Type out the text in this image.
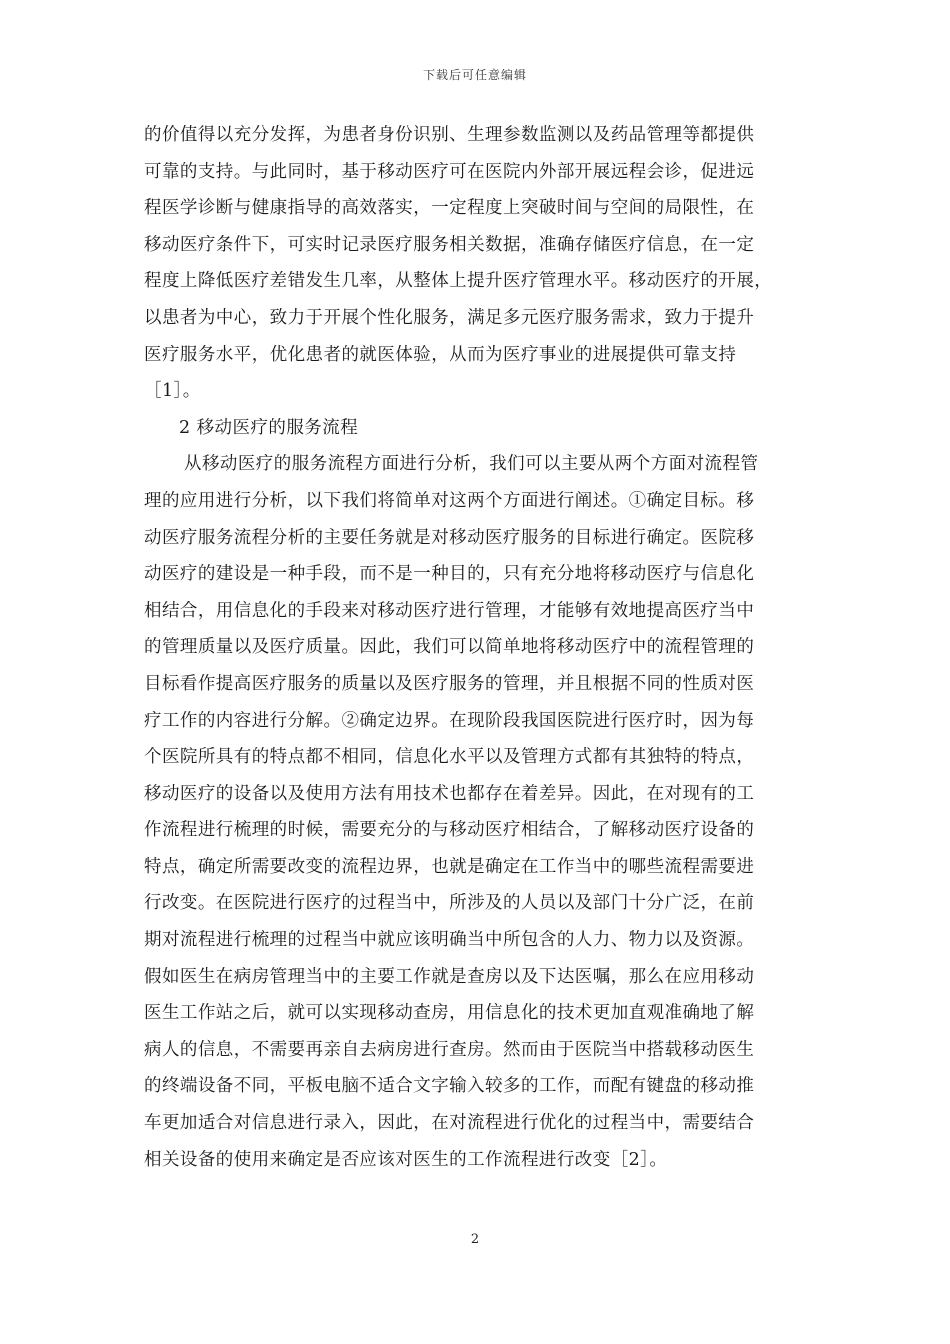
下载后可任意编辑
的价值得以充分发挥，为患者身份识别、生理参数监测以及药品管理等都提供
可靠的支持。与此同时，基于移动医疗可在医院内外部开展远程会诊，促进远
程医学诊断与健康指导的高效落实，一定程度上突破时间与空间的局限性，在
移动医疗条件下，可实时记录医疗服务相关数据，准确存储医疗信息，在一定
程度上降低医疗差错发生几率，从整体上提升医疗管理水平。移动医疗的开展，
以患者为中心，致力于开展个性化服务，满足多元医疗服务需求，致力于提升
医疗服务水平，优化患者的就医体验，从而为医疗事业的进展提供可靠支持
［1］。
2 移动医疗的服务流程
从移动医疗的服务流程方面进行分析，我们可以主要从两个方面对流程管
理的应用进行分析，以下我们将简单对这两个方面进行阐述。①确定目标。移
动医疗服务流程分析的主要任务就是对移动医疗服务的目标进行确定。医院移
动医疗的建设是一种手段，而不是一种目的，只有充分地将移动医疗与信息化
相结合，用信息化的手段来对移动医疗进行管理，才能够有效地提高医疗当中
的管理质量以及医疗质量。因此，我们可以简单地将移动医疗中的流程管理的
目标看作提高医疗服务的质量以及医疗服务的管理，并且根据不同的性质对医
疗工作的内容进行分解。②确定边界。在现阶段我国医院进行医疗时，因为每
个医院所具有的特点都不相同，信息化水平以及管理方式都有其独特的特点，
移动医疗的设备以及使用方法有用技术也都存在着差异。因此，在对现有的工
作流程进行梳理的时候，需要充分的与移动医疗相结合，了解移动医疗设备的
特点，确定所需要改变的流程边界，也就是确定在工作当中的哪些流程需要进
行改变。在医院进行医疗的过程当中，所涉及的人员以及部门十分广泛，在前
期对流程进行梳理的过程当中就应该明确当中所包含的人力、物力以及资源。
假如医生在病房管理当中的主要工作就是查房以及下达医嘱，那么在应用移动
医生工作站之后，就可以实现移动查房，用信息化的技术更加直观准确地了解
病人的信息，不需要再亲自去病房进行查房。然而由于医院当中搭载移动医生
的终端设备不同，平板电脑不适合文字输入较多的工作，而配有键盘的移动推
车更加适合对信息进行录入，因此，在对流程进行优化的过程当中，需要结合
相关设备的使用来确定是否应该对医生的工作流程进行改变［2］。
2
